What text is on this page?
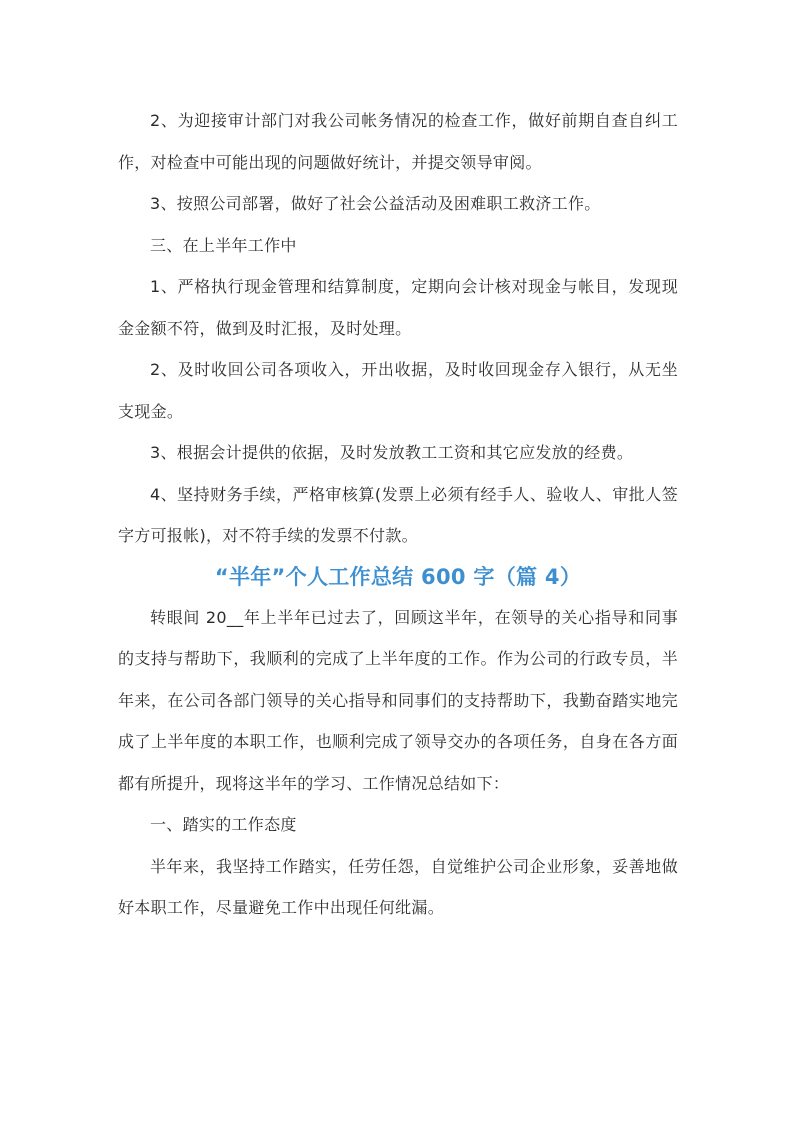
2、为迎接审计部门对我公司帐务情况的检查工作，做好前期自查自纠工作，对检查中可能出现的问题做好统计，并提交领导审阅。

3、按照公司部署，做好了社会公益活动及困难职工救济工作。

三、在上半年工作中

1、严格执行现金管理和结算制度，定期向会计核对现金与帐目，发现现金金额不符，做到及时汇报，及时处理。

2、及时收回公司各项收入，开出收据，及时收回现金存入银行，从无坐支现金。

3、根据会计提供的依据，及时发放教工工资和其它应发放的经费。

4、坚持财务手续，严格审核算(发票上必须有经手人、验收人、审批人签字方可报帐)，对不符手续的发票不付款。

“半年”个人工作总结 600 字（篇 4）

转眼间 20__年上半年已过去了，回顾这半年，在领导的关心指导和同事的支持与帮助下，我顺利的完成了上半年度的工作。作为公司的行政专员，半年来，在公司各部门领导的关心指导和同事们的支持帮助下，我勤奋踏实地完成了上半年度的本职工作，也顺利完成了领导交办的各项任务，自身在各方面都有所提升，现将这半年的学习、工作情况总结如下：

一、踏实的工作态度

半年来，我坚持工作踏实，任劳任怨，自觉维护公司企业形象，妥善地做好本职工作，尽量避免工作中出现任何纰漏。
